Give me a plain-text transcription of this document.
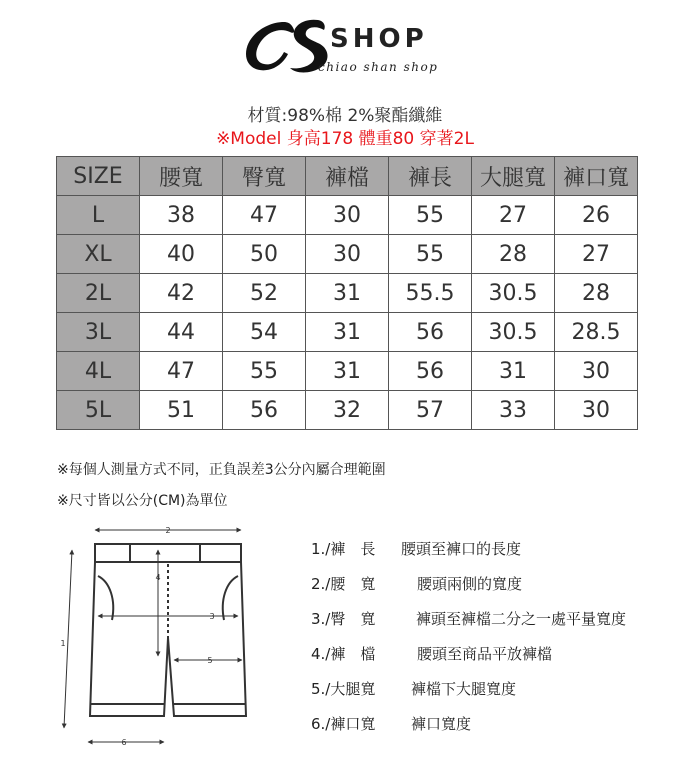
SHOP
chiao shan shop
材質:98%棉 2%聚酯纖維
※Model 身高178 體重80 穿著2L
SIZE	腰寬	臀寬	褲檔	褲長	大腿寬	褲口寬
L	38	47	30	55	27	26
XL	40	50	30	55	28	27
2L	42	52	31	55.5	30.5	28
3L	44	54	31	56	30.5	28.5
4L	47	55	31	56	31	30
5L	51	56	32	57	33	30
※每個人測量方式不同，正負誤差3公分內屬合理範圍
※尺寸皆以公分(CM)為單位
1
2
3
4
5
6
1./褲　長 腰頭至褲口的長度
2./腰　寬	腰頭兩側的寬度
3./臀　寬	褲頭至褲檔二分之一處平量寬度
4./褲　檔	腰頭至商品平放褲檔
5./大腿寬 褲檔下大腿寬度
6./褲口寬 褲口寬度
